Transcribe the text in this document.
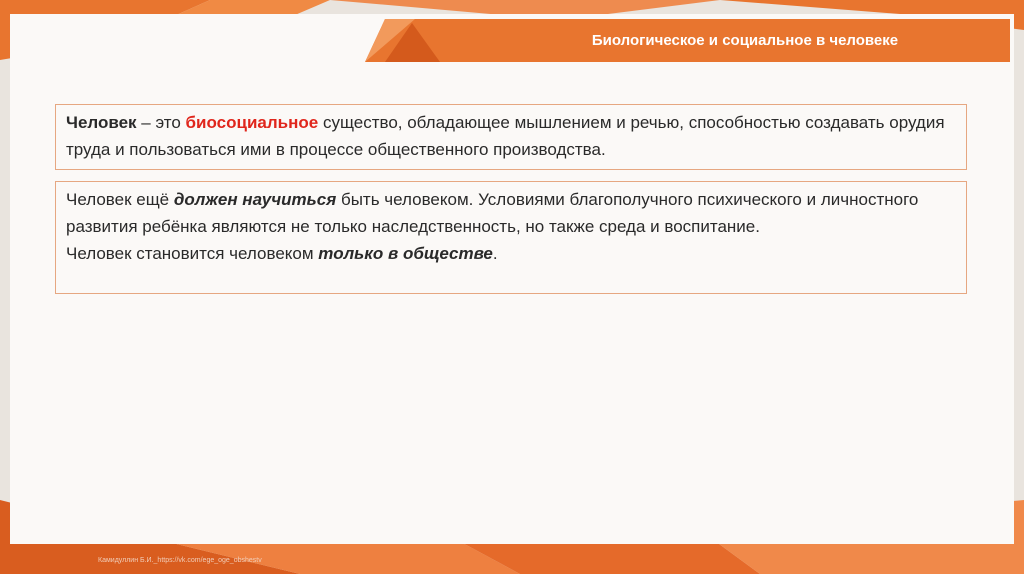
Биологическое и социальное в человеке
Человек – это биосоциальное существо, обладающее мышлением и речью, способностью создавать орудия труда и пользоваться ими в процессе общественного производства.
Человек ещё должен научиться быть человеком. Условиями благополучного психического и личностного развития ребёнка являются не только наследственность, но также среда и воспитание.
Человек становится человеком только в обществе.
Камидуллин Б.И._https://vk.com/ege_oge_obshestv
